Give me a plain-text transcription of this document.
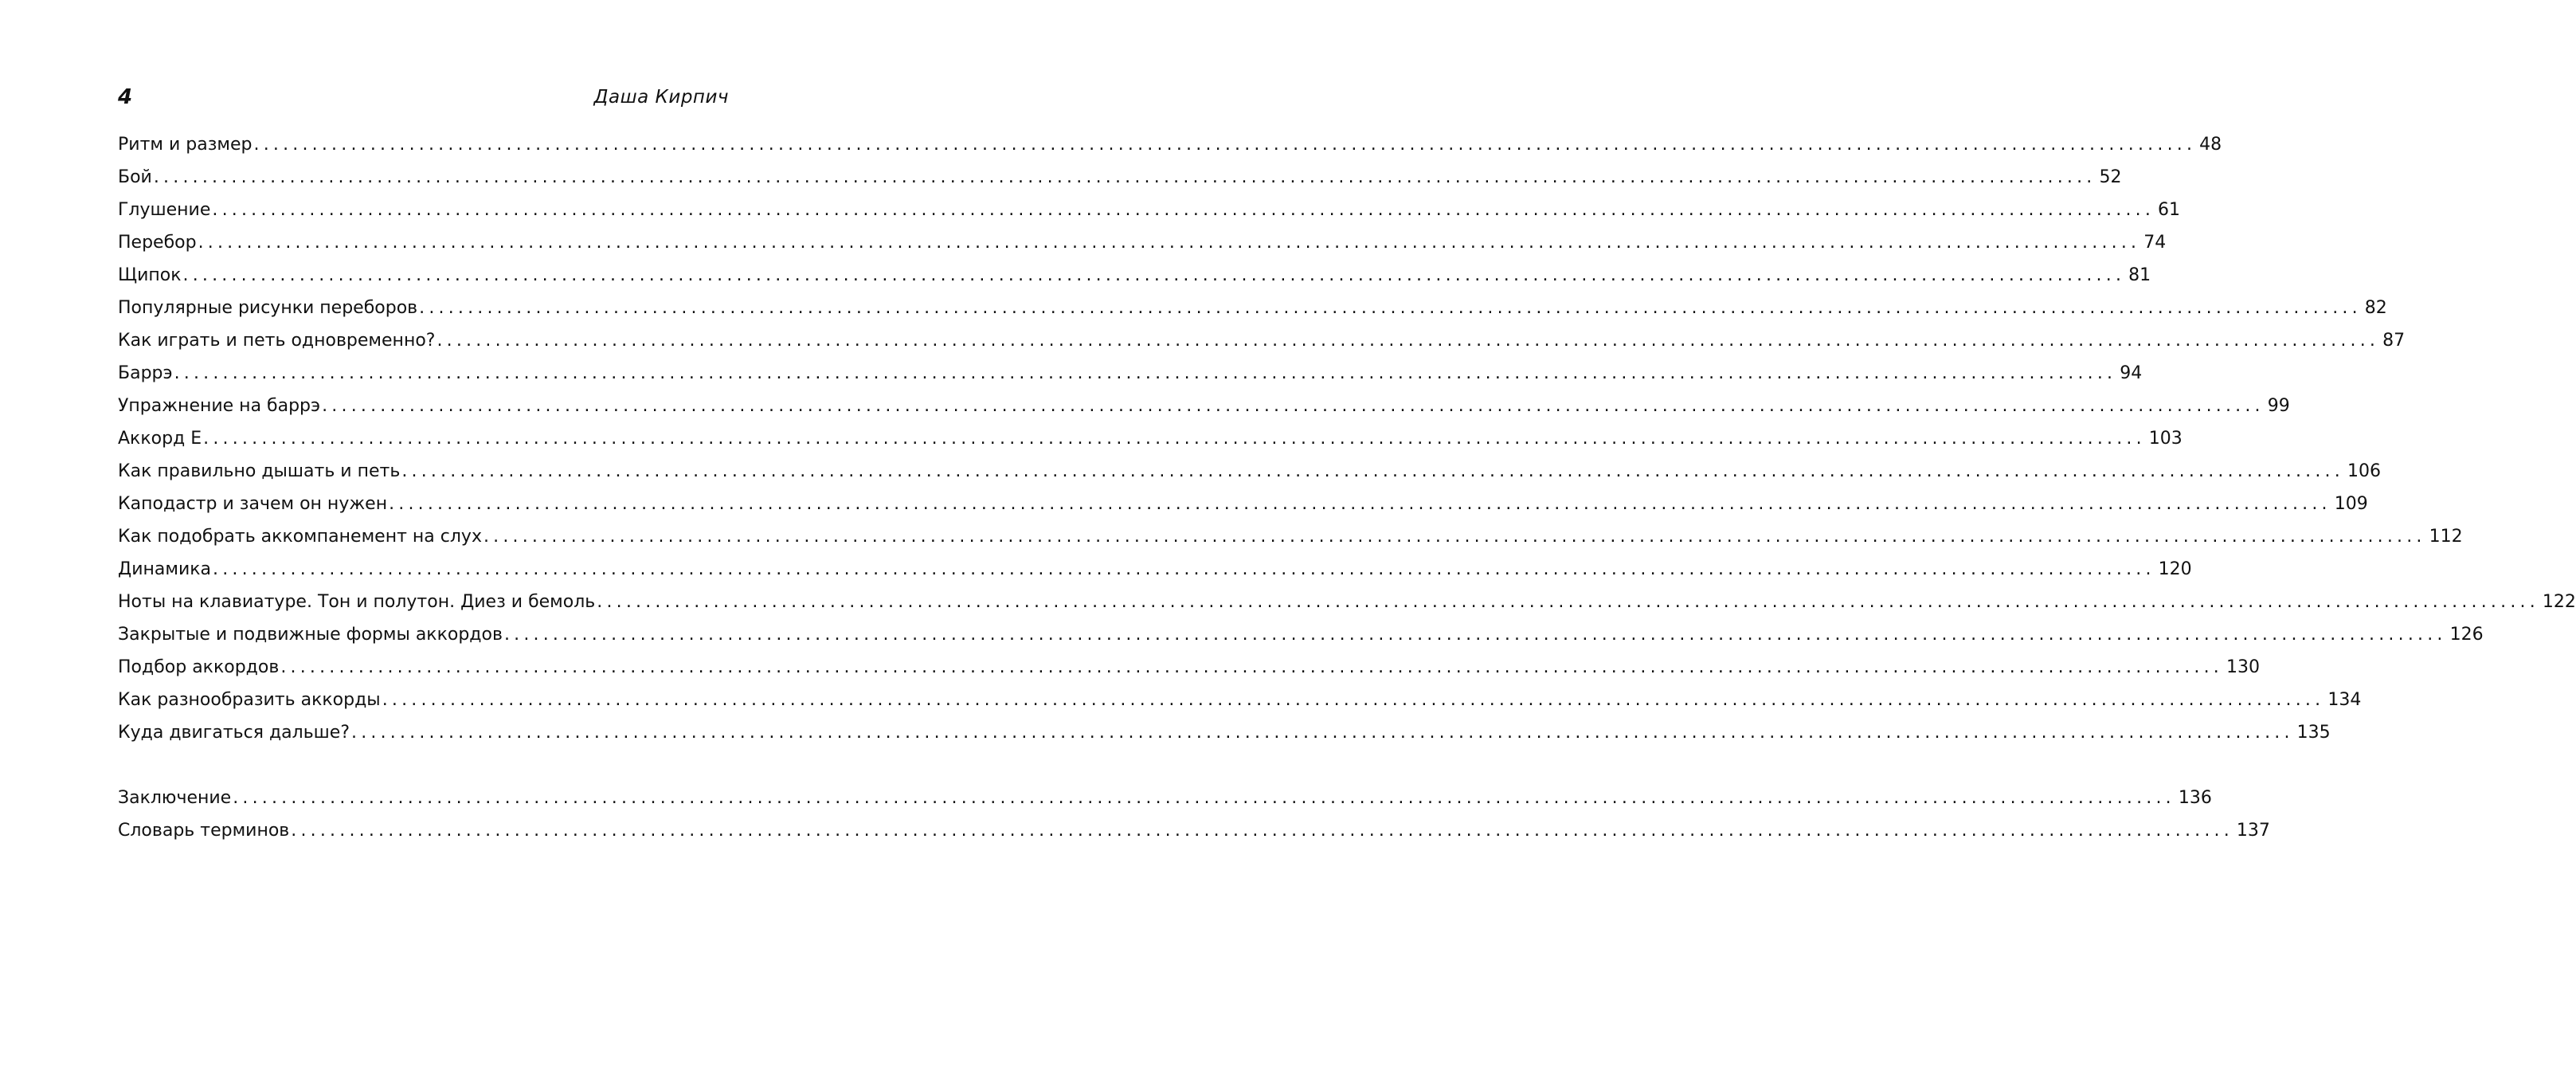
4	Даша Кирпич
Ритм и размер ........................................................................................................................................................................................................ 48
Бой ........................................................................................................................................................................................................ 52
Глушение ........................................................................................................................................................................................................ 61
Перебор ........................................................................................................................................................................................................ 74
Щипок ........................................................................................................................................................................................................ 81
Популярные рисунки переборов ........................................................................................................................................................................................................ 82
Как играть и петь одновременно? ........................................................................................................................................................................................................ 87
Баррэ ........................................................................................................................................................................................................ 94
Упражнение на баррэ ........................................................................................................................................................................................................ 99
Аккорд E ........................................................................................................................................................................................................ 103
Как правильно дышать и петь ........................................................................................................................................................................................................ 106
Каподастр и зачем он нужен ........................................................................................................................................................................................................ 109
Как подобрать аккомпанемент на слух ........................................................................................................................................................................................................ 112
Динамика ........................................................................................................................................................................................................ 120
Ноты на клавиатуре. Тон и полутон. Диез и бемоль ........................................................................................................................................................................................................ 122
Закрытые и подвижные формы аккордов ........................................................................................................................................................................................................ 126
Подбор аккордов ........................................................................................................................................................................................................ 130
Как разнообразить аккорды ........................................................................................................................................................................................................ 134
Куда двигаться дальше? ........................................................................................................................................................................................................ 135
Заключение ........................................................................................................................................................................................................ 136
Словарь терминов ........................................................................................................................................................................................................ 137
